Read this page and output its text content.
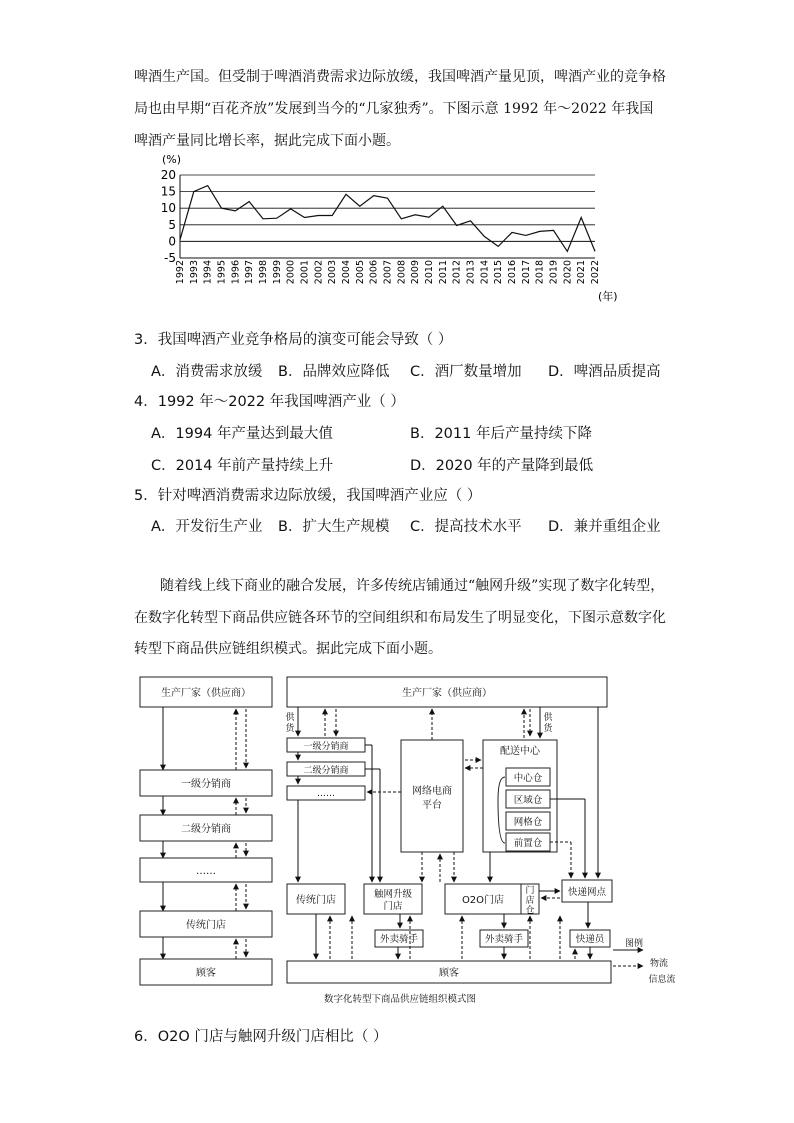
啤酒生产国。但受制于啤酒消费需求边际放缓，我国啤酒产量见顶，啤酒产业的竞争格
局也由早期“百花齐放”发展到当今的“几家独秀”。下图示意 1992 年～2022 年我国
啤酒产量同比增长率，据此完成下面小题。
20
15
10
5
0
-5
1992 1993 1994 1995 1996 1997 1998 1999 2000 2001 2002 2003 2004 2005 2006 2007 2008 2009 2010 2011 2012 2013 2014 2015 2016 2017 2018 2019 2020 2021 2022
(%)
(年)
3．我国啤酒产业竞争格局的演变可能会导致（ ）
A．消费需求放缓 B．品牌效应降低 C．酒厂数量增加 D．啤酒品质提高
4．1992 年～2022 年我国啤酒产业（ ）
A．1994 年产量达到最大值	B．2011 年后产量持续下降
C．2014 年前产量持续上升	D．2020 年的产量降到最低
5．针对啤酒消费需求边际放缓，我国啤酒产业应（ ）
A．开发衍生产业 B．扩大生产规模 C．提高技术水平 D．兼并重组企业
随着线上线下商业的融合发展，许多传统店铺通过“触网升级”实现了数字化转型，
在数字化转型下商品供应链各环节的空间组织和布局发生了明显变化，下图示意数字化
转型下商品供应链组织模式。据此完成下面小题。
生产厂家（供应商）
一级分销商
二级分销商
……
传统门店
顾客
生产厂家（供应商）
一级分销商
二级分销商
……	网络电商
平台
配送中心
中心仓
区域仓
网格仓
前置仓
传统门店
触网升级
门店
O2O门店
门
店
仓
外卖骑手	外卖骑手
快递网点
快递员
顾客
供
货
供
货
图例
物流
信息流
数字化转型下商品供应链组织模式图
6．O2O 门店与触网升级门店相比（ ）
